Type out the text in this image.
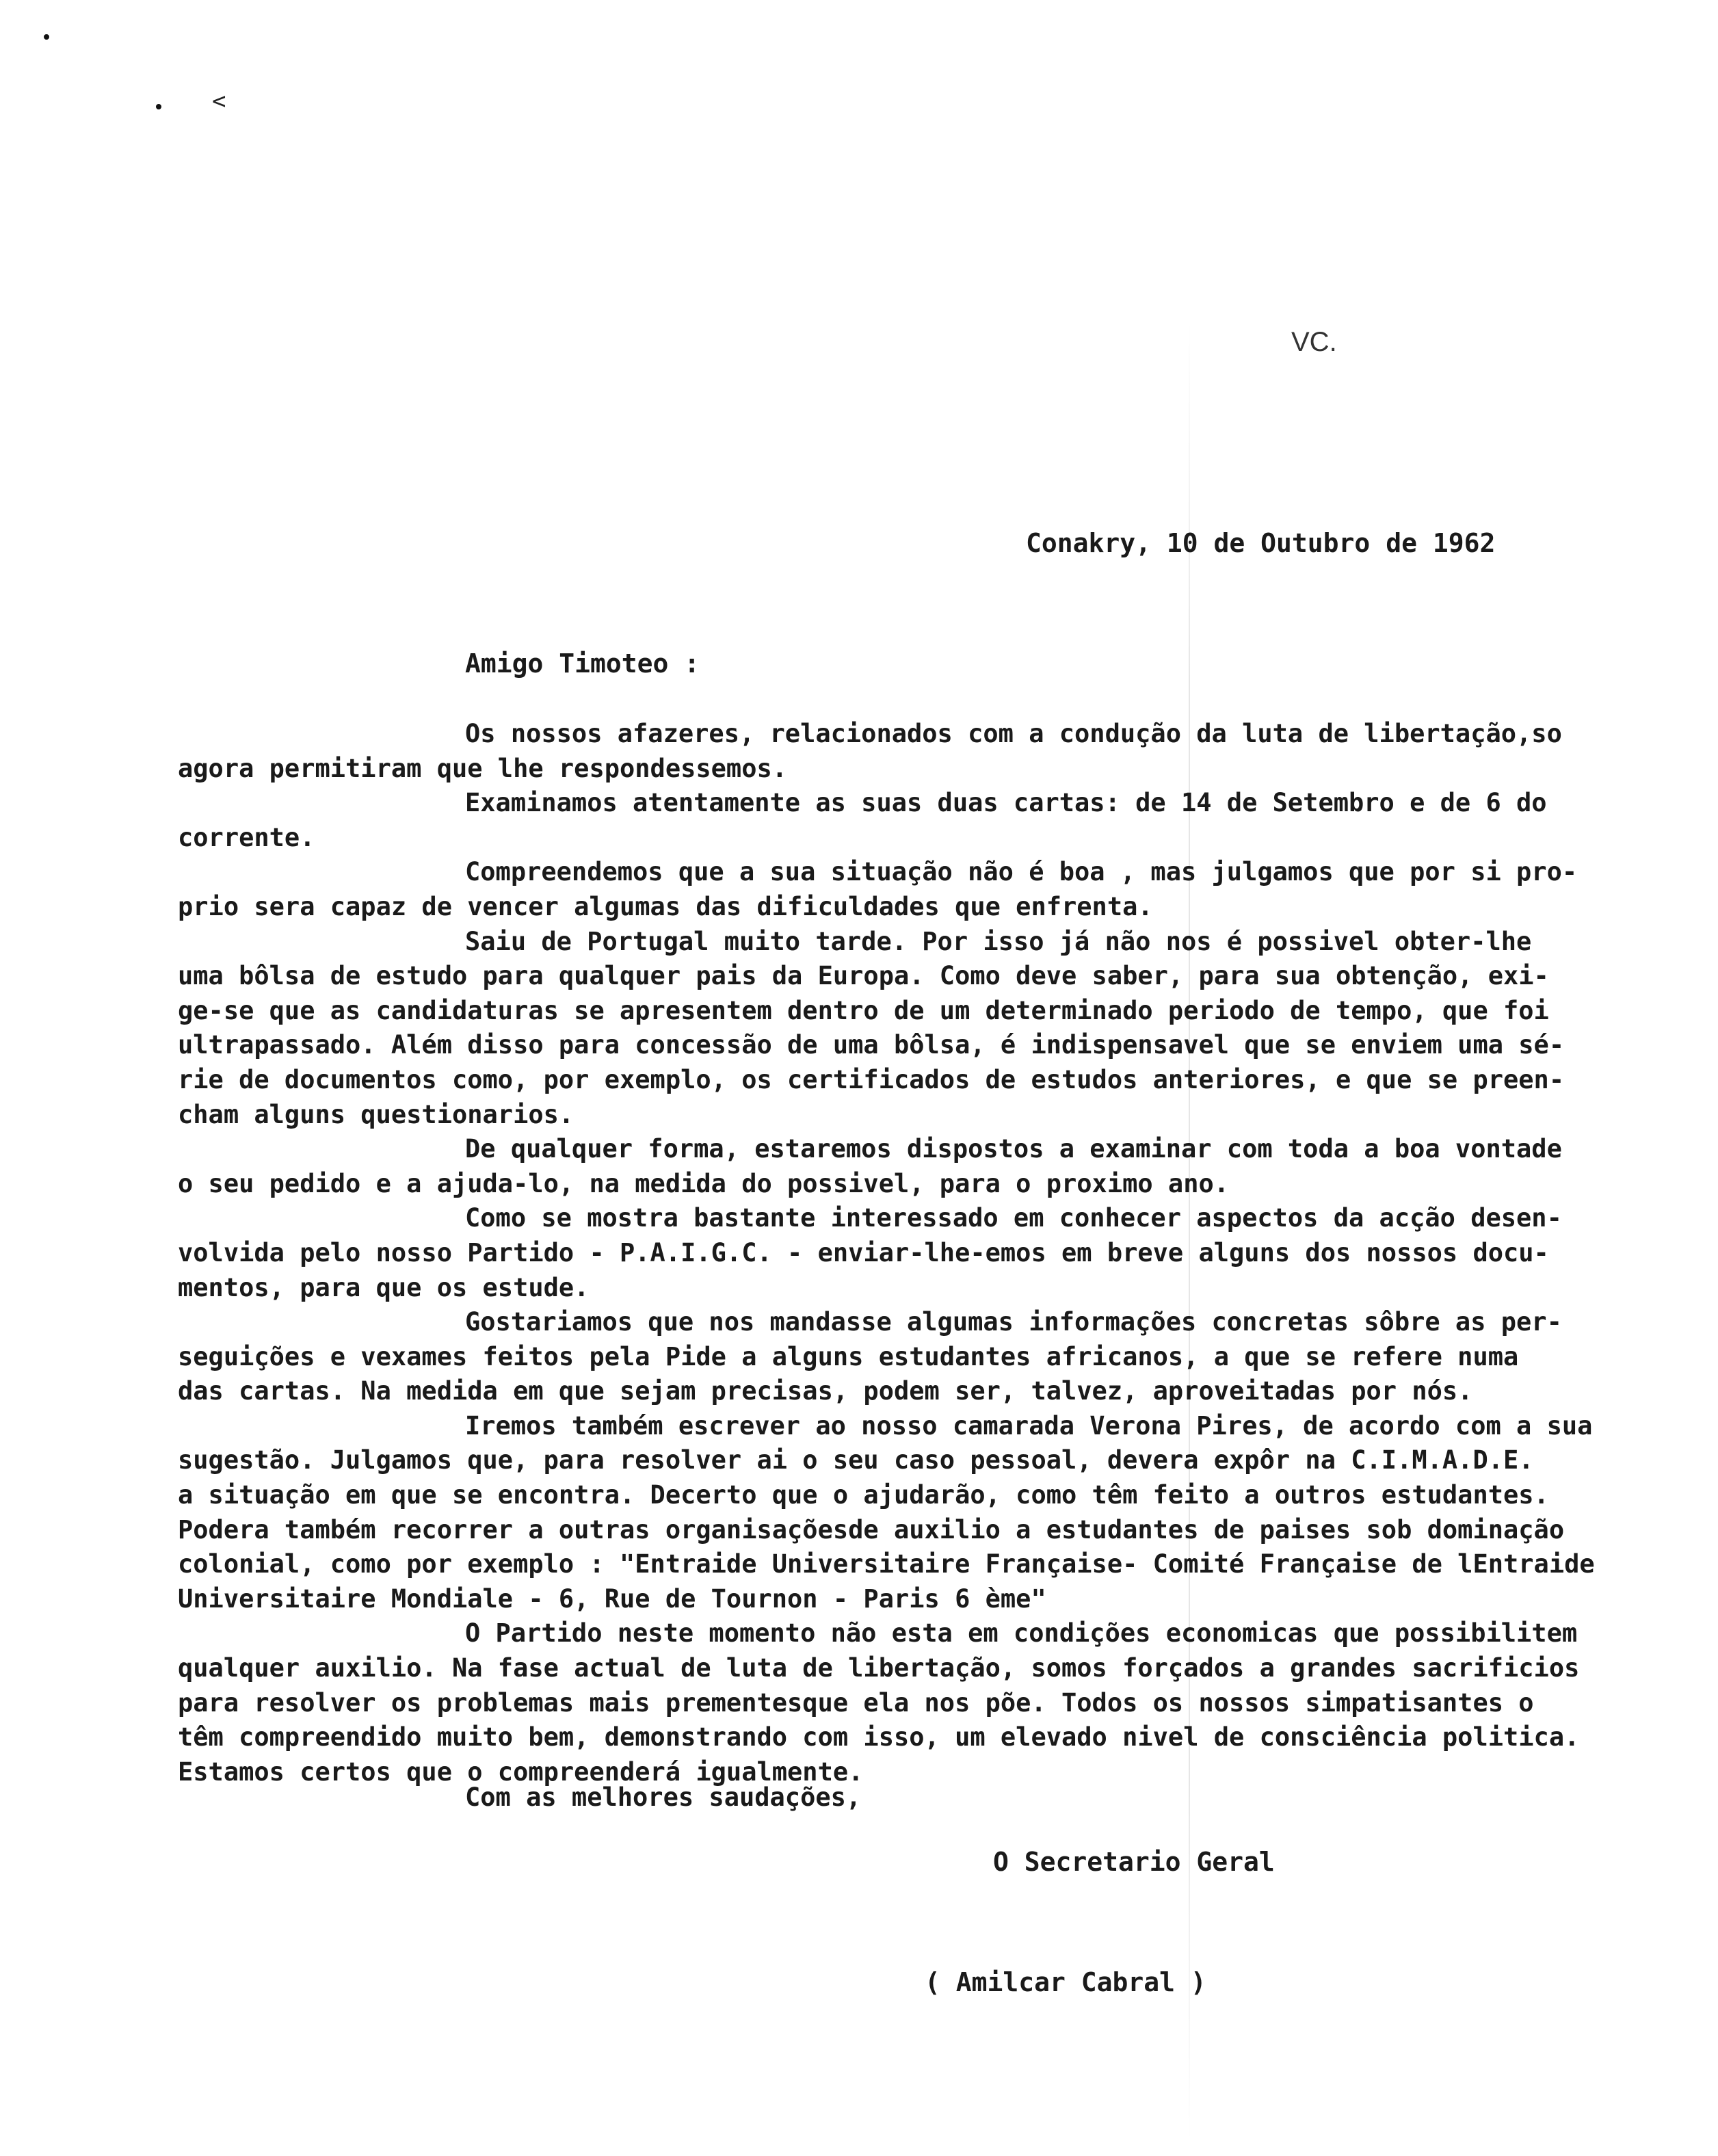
<
VC.
Conakry, 10 de Outubro de 1962
Amigo Timoteo :
Os nossos afazeres, relacionados com a condução da luta de libertação,so
agora permitiram que lhe respondessemos.
Examinamos atentamente as suas duas cartas: de 14 de Setembro e de 6 do
corrente.
Compreendemos que a sua situação não é boa , mas julgamos que por si pro-
prio sera capaz de vencer algumas das dificuldades que enfrenta.
Saiu de Portugal muito tarde. Por isso já não nos é possivel obter-lhe
uma bôlsa de estudo para qualquer pais da Europa. Como deve saber, para sua obtenção, exi-
ge-se que as candidaturas se apresentem dentro de um determinado periodo de tempo, que foi
ultrapassado. Além disso para concessão de uma bôlsa, é indispensavel que se enviem uma sé-
rie de documentos como, por exemplo, os certificados de estudos anteriores, e que se preen-
cham alguns questionarios.
De qualquer forma, estaremos dispostos a examinar com toda a boa vontade
o seu pedido e a ajuda-lo, na medida do possivel, para o proximo ano.
Como se mostra bastante interessado em conhecer aspectos da acção desen-
volvida pelo nosso Partido - P.A.I.G.C. - enviar-lhe-emos em breve alguns dos nossos docu-
mentos, para que os estude.
Gostariamos que nos mandasse algumas informações concretas sôbre as per-
seguições e vexames feitos pela Pide a alguns estudantes africanos, a que se refere numa
das cartas. Na medida em que sejam precisas, podem ser, talvez, aproveitadas por nós.
Iremos também escrever ao nosso camarada Verona Pires, de acordo com a sua
sugestão. Julgamos que, para resolver ai o seu caso pessoal, devera expôr na C.I.M.A.D.E.
a situação em que se encontra. Decerto que o ajudarão, como têm feito a outros estudantes.
Podera também recorrer a outras organisaçõesde auxilio a estudantes de paises sob dominação
colonial, como por exemplo : "Entraide Universitaire Française- Comité Française de lEntraide
Universitaire Mondiale - 6, Rue de Tournon - Paris 6 ème"
O Partido neste momento não esta em condições economicas que possibilitem
qualquer auxilio. Na fase actual de luta de libertação, somos forçados a grandes sacrificios
para resolver os problemas mais prementesque ela nos põe. Todos os nossos simpatisantes o
têm compreendido muito bem, demonstrando com isso, um elevado nivel de consciência politica.
Estamos certos que o compreenderá igualmente.
Com as melhores saudações,
O Secretario Geral
( Amilcar Cabral )
